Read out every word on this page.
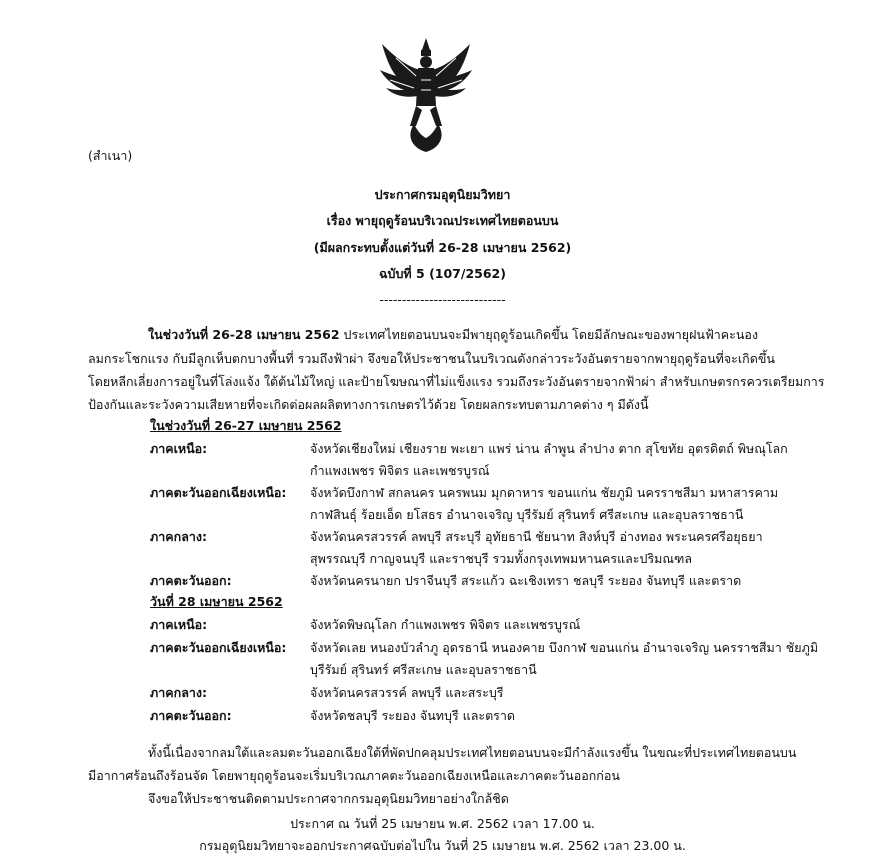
(สำเนา)
ประกาศกรมอุตุนิยมวิทยา
เรื่อง พายุฤดูร้อนบริเวณประเทศไทยตอนบน
(มีผลกระทบตั้งแต่วันที่ 26-28 เมษายน 2562)
ฉบับที่ 5 (107/2562)
----------------------------
ในช่วงวันที่ 26-28 เมษายน 2562 ประเทศไทยตอนบนจะมีพายุฤดูร้อนเกิดขึ้น โดยมีลักษณะของพายุฝนฟ้าคะนอง
ลมกระโชกแรง กับมีลูกเห็บตกบางพื้นที่ รวมถึงฟ้าผ่า จึงขอให้ประชาชนในบริเวณดังกล่าวระวังอันตรายจากพายุฤดูร้อนที่จะเกิดขึ้น
โดยหลีกเลี่ยงการอยู่ในที่โล่งแจ้ง ใต้ต้นไม้ใหญ่ และป้ายโฆษณาที่ไม่แข็งแรง รวมถึงระวังอันตรายจากฟ้าผ่า สำหรับเกษตรกรควรเตรียมการ
ป้องกันและระวังความเสียหายที่จะเกิดต่อผลผลิตทางการเกษตรไว้ด้วย โดยผลกระทบตามภาคต่าง ๆ มีดังนี้
ในช่วงวันที่ 26-27 เมษายน 2562
ภาคเหนือ:	จังหวัดเชียงใหม่ เชียงราย พะเยา แพร่ น่าน ลำพูน ลำปาง ตาก สุโขทัย อุตรดิตถ์ พิษณุโลก
กำแพงเพชร พิจิตร และเพชรบูรณ์
ภาคตะวันออกเฉียงเหนือ: จังหวัดบึงกาฬ สกลนคร นครพนม มุกดาหาร ขอนแก่น ชัยภูมิ นครราชสีมา มหาสารคาม
กาฬสินธุ์ ร้อยเอ็ด ยโสธร อำนาจเจริญ บุรีรัมย์ สุรินทร์ ศรีสะเกษ และอุบลราชธานี
ภาคกลาง:	จังหวัดนครสวรรค์ ลพบุรี สระบุรี อุทัยธานี ชัยนาท สิงห์บุรี อ่างทอง พระนครศรีอยุธยา
สุพรรณบุรี กาญจนบุรี และราชบุรี รวมทั้งกรุงเทพมหานครและปริมณฑล
ภาคตะวันออก:	จังหวัดนครนายก ปราจีนบุรี สระแก้ว ฉะเชิงเทรา ชลบุรี ระยอง จันทบุรี และตราด
วันที่ 28 เมษายน 2562
ภาคเหนือ:	จังหวัดพิษณุโลก กำแพงเพชร พิจิตร และเพชรบูรณ์
ภาคตะวันออกเฉียงเหนือ: จังหวัดเลย หนองบัวลำภู อุดรธานี หนองคาย บึงกาฬ ขอนแก่น อำนาจเจริญ นครราชสีมา ชัยภูมิ
บุรีรัมย์ สุรินทร์ ศรีสะเกษ และอุบลราชธานี
ภาคกลาง:	จังหวัดนครสวรรค์ ลพบุรี และสระบุรี
ภาคตะวันออก:	จังหวัดชลบุรี ระยอง จันทบุรี และตราด
ทั้งนี้เนื่องจากลมใต้และลมตะวันออกเฉียงใต้ที่พัดปกคลุมประเทศไทยตอนบนจะมีกำลังแรงขึ้น ในขณะที่ประเทศไทยตอนบน
มีอากาศร้อนถึงร้อนจัด โดยพายุฤดูร้อนจะเริ่มบริเวณภาคตะวันออกเฉียงเหนือและภาคตะวันออกก่อน
จึงขอให้ประชาชนติดตามประกาศจากกรมอุตุนิยมวิทยาอย่างใกล้ชิด
ประกาศ ณ วันที่ 25 เมษายน พ.ศ. 2562 เวลา 17.00 น.
กรมอุตุนิยมวิทยาจะออกประกาศฉบับต่อไปใน วันที่ 25 เมษายน พ.ศ. 2562 เวลา 23.00 น.
